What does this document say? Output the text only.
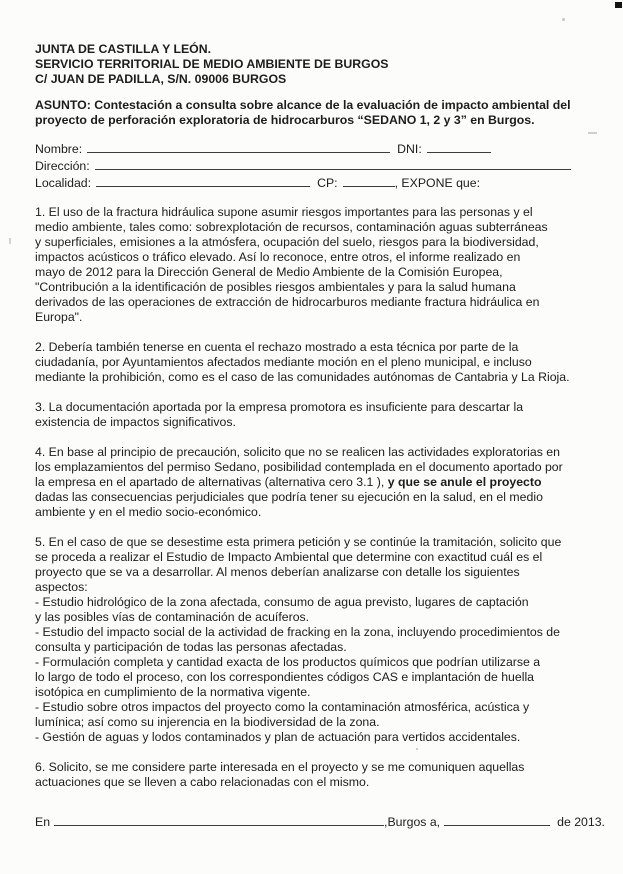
JUNTA DE CASTILLA Y LEÓN.
SERVICIO TERRITORIAL DE MEDIO AMBIENTE DE BURGOS
C/ JUAN DE PADILLA, S/N. 09006 BURGOS
ASUNTO: Contestación a consulta sobre alcance de la evaluación de impacto ambiental del
proyecto de perforación exploratoria de hidrocarburos “SEDANO 1, 2 y 3” en Burgos.
Nombre:	DNI:
Dirección:
Localidad:	CP:	, EXPONE que:
1. El uso de la fractura hidráulica supone asumir riesgos importantes para las personas y el
medio ambiente, tales como: sobrexplotación de recursos, contaminación aguas subterráneas
y superficiales, emisiones a la atmósfera, ocupación del suelo, riesgos para la biodiversidad,
impactos acústicos o tráfico elevado. Así lo reconoce, entre otros, el informe realizado en
mayo de 2012 para la Dirección General de Medio Ambiente de la Comisión Europea,
"Contribución a la identificación de posibles riesgos ambientales y para la salud humana
derivados de las operaciones de extracción de hidrocarburos mediante fractura hidráulica en
Europa".
2. Debería también tenerse en cuenta el rechazo mostrado a esta técnica por parte de la
ciudadanía, por Ayuntamientos afectados mediante moción en el pleno municipal, e incluso
mediante la prohibición, como es el caso de las comunidades autónomas de Cantabria y La Rioja.
3. La documentación aportada por la empresa promotora es insuficiente para descartar la
existencia de impactos significativos.
4. En base al principio de precaución, solicito que no se realicen las actividades exploratorias en
los emplazamientos del permiso Sedano, posibilidad contemplada en el documento aportado por
la empresa en el apartado de alternativas (alternativa cero 3.1 ), y que se anule el proyecto
dadas las consecuencias perjudiciales que podría tener su ejecución en la salud, en el medio
ambiente y en el medio socio-económico.
5. En el caso de que se desestime esta primera petición y se continúe la tramitación, solicito que
se proceda a realizar el Estudio de Impacto Ambiental que determine con exactitud cuál es el
proyecto que se va a desarrollar. Al menos deberían analizarse con detalle los siguientes
aspectos:
- Estudio hidrológico de la zona afectada, consumo de agua previsto, lugares de captación
y las posibles vías de contaminación de acuíferos.
- Estudio del impacto social de la actividad de fracking en la zona, incluyendo procedimientos de
consulta y participación de todas las personas afectadas.
- Formulación completa y cantidad exacta de los productos químicos que podrían utilizarse a
lo largo de todo el proceso, con los correspondientes códigos CAS e implantación de huella
isotópica en cumplimiento de la normativa vigente.
- Estudio sobre otros impactos del proyecto como la contaminación atmosférica, acústica y
lumínica; así como su injerencia en la biodiversidad de la zona.
- Gestión de aguas y lodos contaminados y plan de actuación para vertidos accidentales.
6. Solicito, se me considere parte interesada en el proyecto y se me comuniquen aquellas
actuaciones que se lleven a cabo relacionadas con el mismo.
En	,Burgos a,	de 2013.
